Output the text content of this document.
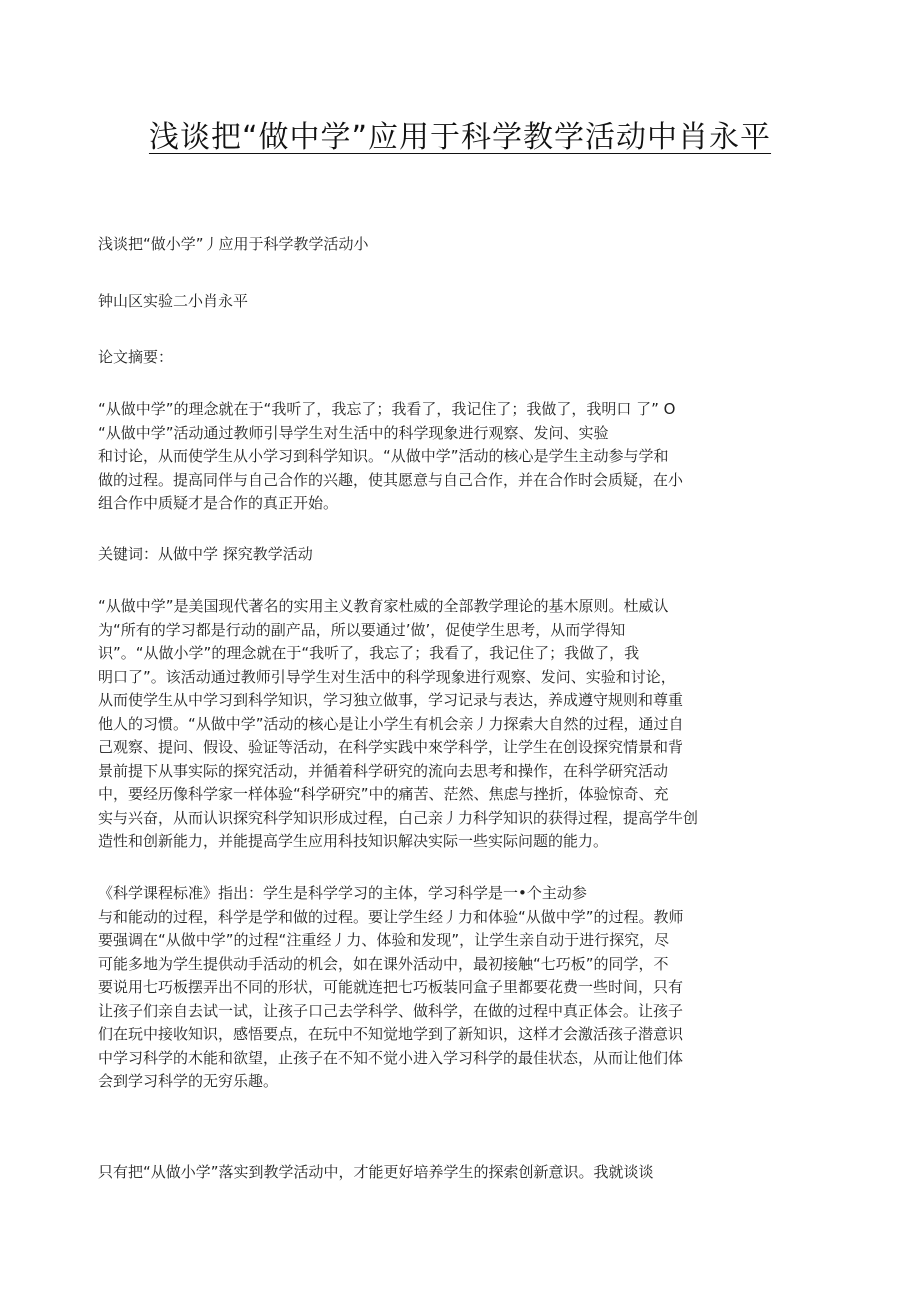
浅谈把“做中学”应用于科学教学活动中肖永平
浅谈把“做小学”丿应用于科学教学活动小
钟山区实验二小肖永平
论文摘要：
“从做中学”的理念就在于“我听了，我忘了；我看了，我记住了；我做了，我明口 了” O
“从做中学”活动通过教师引导学生对生活中的科学现象进行观察、发问、实验
和讨论，从而使学生从小学习到科学知识。“从做中学”活动的核心是学生主动参与学和
做的过程。提高同伴与自己合作的兴趣，使其愿意与自己合作，并在合作时会质疑，在小
组合作中质疑才是合作的真正开始。
关键词：从做中学 探究教学活动
“从做中学”是美国现代著名的实用主义教育家杜威的全部教学理论的基木原则。杜威认
为“所有的学习都是行动的副产品，所以要通过’做’，促使学生思考，从而学得知
识”。“从做小学”的理念就在于“我听了，我忘了；我看了，我记住了；我做了，我
明口了”。该活动通过教师引导学生对生活中的科学现象进行观察、发问、实验和讨论，
从而使学生从中学习到科学知识，学习独立做事，学习记录与表达，养成遵守规则和尊重
他人的习惯。“从做中学”活动的核心是让小学生有机会亲丿力探索大自然的过程，通过自
己观察、提问、假设、验证等活动，在科学实践中來学科学，让学生在创设探究情景和背
景前提下从事实际的探究活动，并循着科学研究的流向去思考和操作，在科学研究活动
中，要经历像科学家一样体验“科学研究”中的痛苦、茫然、焦虑与挫折，体验惊奇、充
实与兴奋，从而认识探究科学知识形成过程，白己亲丿力科学知识的获得过程，提高学牛创
造性和创新能力，并能提高学生应用科技知识解决实际一些实际问题的能力。
《科学课程标准》指出：学生是科学学习的主体，学习科学是一•个主动参
与和能动的过程，科学是学和做的过程。要让学生经丿力和体验“从做中学”的过程。教师
要强调在“从做中学”的过程“注重经丿力、体验和发现”，让学生亲自动于进行探究，尽
可能多地为学生提供动手活动的机会，如在课外活动中，最初接触“七巧板”的同学，不
要说用七巧板摆弄出不同的形状，可能就连把七巧板装冋盒子里都要花费一些时间，只有
让孩子们亲自去试一试，让孩子口己去学科学、做科学，在做的过程中真正体会。让孩子
们在玩中接收知识，感悟要点，在玩中不知觉地学到了新知识，这样才会激活孩子潜意识
中学习科学的木能和欲望，止孩子在不知不觉小进入学习科学的最佳状态，从而让他们体
会到学习科学的无穷乐趣。
只有把“从做小学”落实到教学活动中，才能更好培养学生的探索创新意识。我就谈谈
